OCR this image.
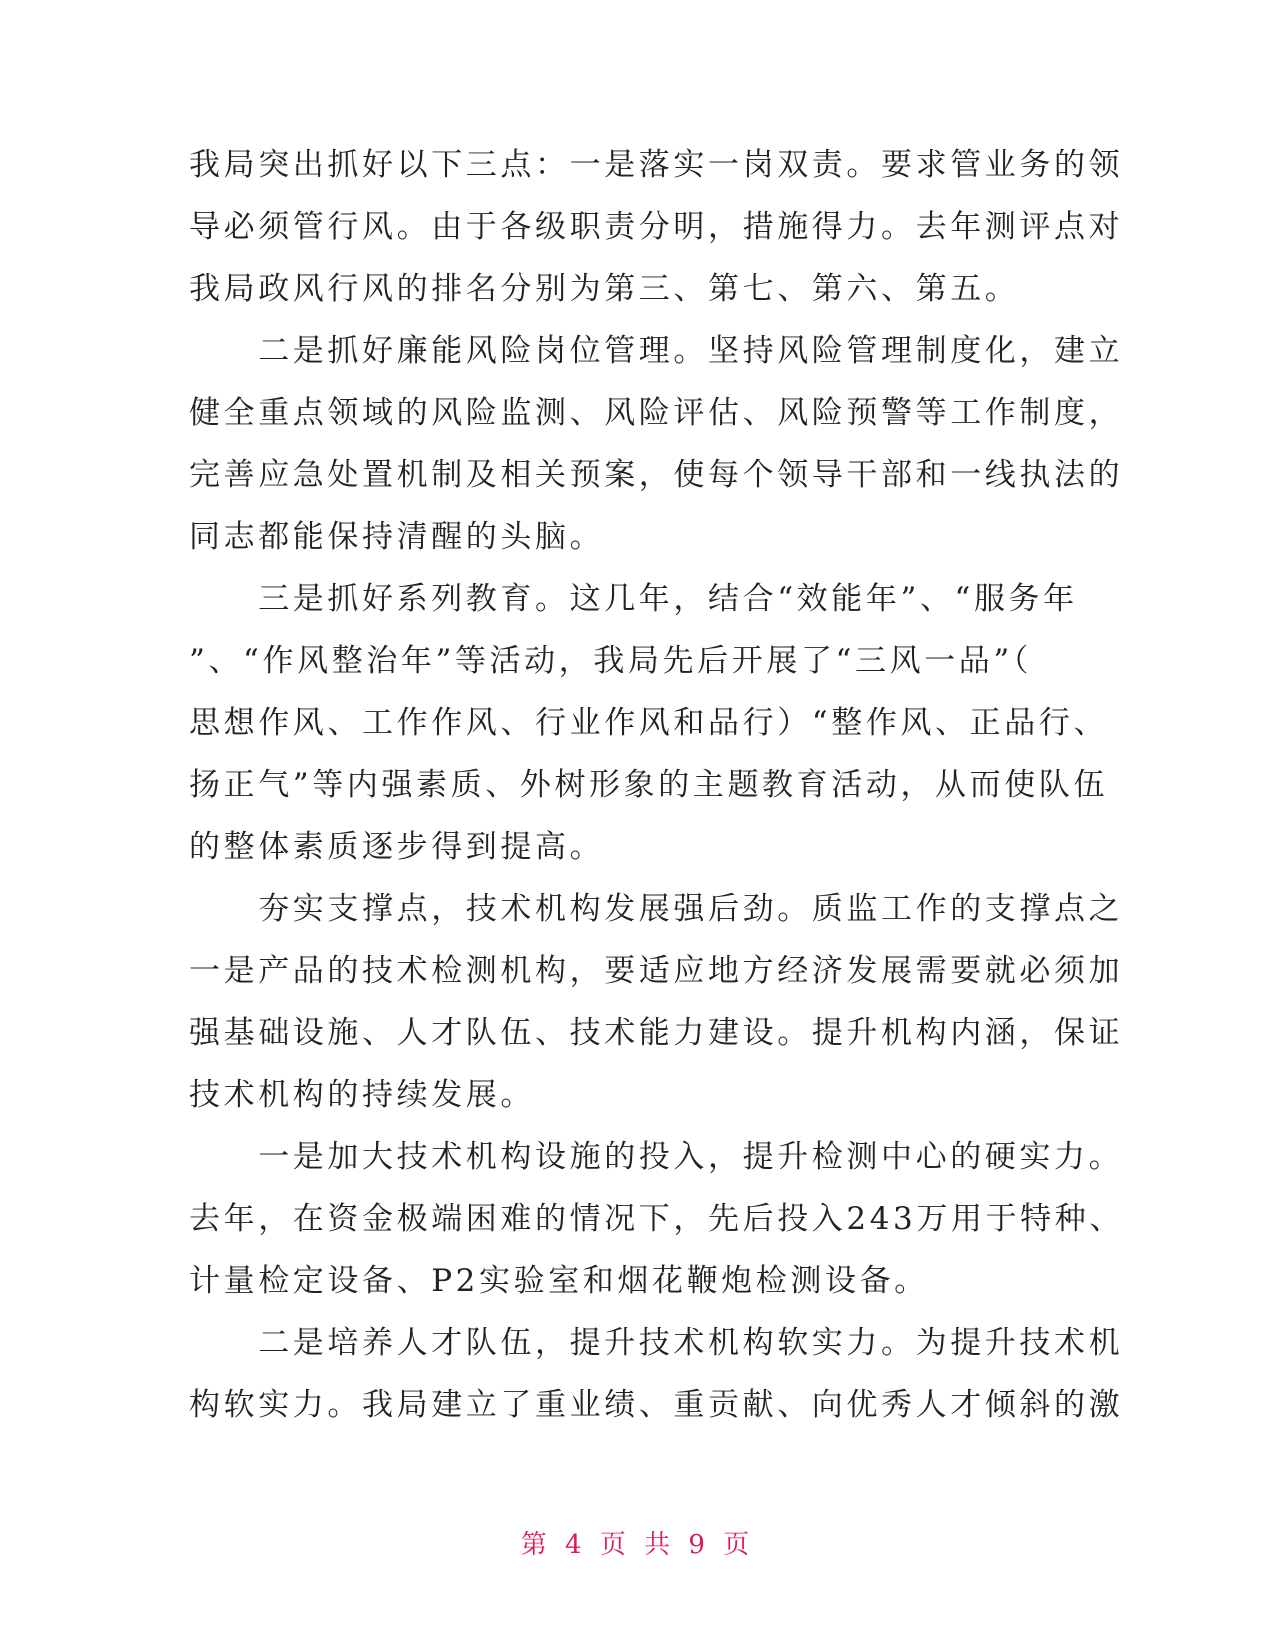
我局突出抓好以下三点：一是落实一岗双责。要求管业务的领
导必须管行风。由于各级职责分明，措施得力。去年测评点对
我局政风行风的排名分别为第三、第七、第六、第五。
　　二是抓好廉能风险岗位管理。坚持风险管理制度化，建立
健全重点领域的风险监测、风险评估、风险预警等工作制度，
完善应急处置机制及相关预案，使每个领导干部和一线执法的
同志都能保持清醒的头脑。
　　三是抓好系列教育。这几年，结合“效能年”、“服务年
”、“作风整治年”等活动，我局先后开展了“三风一品”（
思想作风、工作作风、行业作风和品行）“整作风、正品行、
扬正气”等内强素质、外树形象的主题教育活动，从而使队伍
的整体素质逐步得到提高。
　　夯实支撑点，技术机构发展强后劲。质监工作的支撑点之
一是产品的技术检测机构，要适应地方经济发展需要就必须加
强基础设施、人才队伍、技术能力建设。提升机构内涵，保证
技术机构的持续发展。
　　一是加大技术机构设施的投入，提升检测中心的硬实力。
去年，在资金极端困难的情况下，先后投入243万用于特种、
计量检定设备、P2实验室和烟花鞭炮检测设备。
　　二是培养人才队伍，提升技术机构软实力。为提升技术机
构软实力。我局建立了重业绩、重贡献、向优秀人才倾斜的激
第 4 页 共 9 页
